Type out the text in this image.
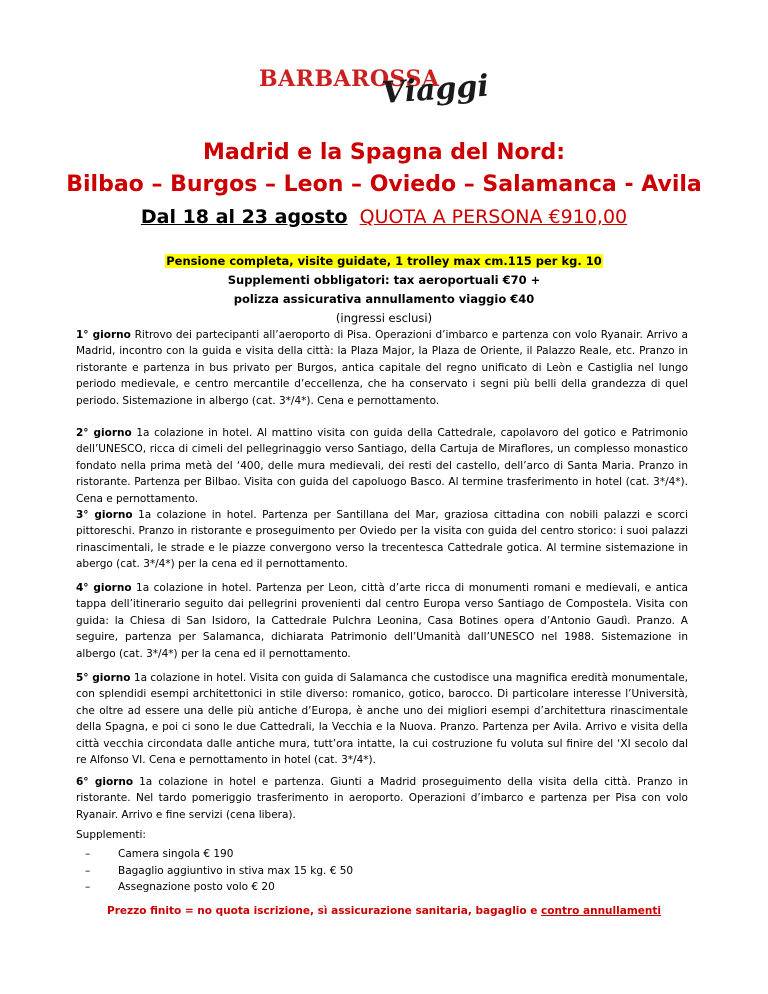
BARBAROSSA
Viaggi
Madrid e la Spagna del Nord:
Bilbao – Burgos – Leon – Oviedo – Salamanca - Avila
Dal 18 al 23 agosto QUOTA A PERSONA €910,00
Pensione completa, visite guidate, 1 trolley max cm.115 per kg. 10
Supplementi obbligatori: tax aeroportuali €70 +
polizza assicurativa annullamento viaggio €40
(ingressi esclusi)
1° giorno Ritrovo dei partecipanti all’aeroporto di Pisa. Operazioni d’imbarco e partenza con volo Ryanair. Arrivo a Madrid, incontro con la guida e visita della città: la Plaza Major, la Plaza de Oriente, il Palazzo Reale, etc. Pranzo in ristorante e partenza in bus privato per Burgos, antica capitale del regno unificato di Leòn e Castiglia nel lungo periodo medievale, e centro mercantile d’eccellenza, che ha conservato i segni più belli della grandezza di quel periodo. Sistemazione in albergo (cat. 3*/4*). Cena e pernottamento.
2° giorno 1a colazione in hotel. Al mattino visita con guida della Cattedrale, capolavoro del gotico e Patrimonio dell’UNESCO, ricca di cimeli del pellegrinaggio verso Santiago, della Cartuja de Miraflores, un complesso monastico fondato nella prima metà del ‘400, delle mura medievali, dei resti del castello, dell’arco di Santa Maria. Pranzo in ristorante. Partenza per Bilbao. Visita con guida del capoluogo Basco. Al termine trasferimento in hotel (cat. 3*/4*). Cena e pernottamento.
3° giorno 1a colazione in hotel. Partenza per Santillana del Mar, graziosa cittadina con nobili palazzi e scorci pittoreschi. Pranzo in ristorante e proseguimento per Oviedo per la visita con guida del centro storico: i suoi palazzi rinascimentali, le strade e le piazze convergono verso la trecentesca Cattedrale gotica. Al termine sistemazione in abergo (cat. 3*/4*) per la cena ed il pernottamento.
4° giorno 1a colazione in hotel. Partenza per Leon, città d’arte ricca di monumenti romani e medievali, e antica tappa dell’itinerario seguito dai pellegrini provenienti dal centro Europa verso Santiago de Compostela. Visita con guida: la Chiesa di San Isidoro, la Cattedrale Pulchra Leonina, Casa Botines opera d’Antonio Gaudì. Pranzo. A seguire, partenza per Salamanca, dichiarata Patrimonio dell’Umanità dall’UNESCO nel 1988. Sistemazione in albergo (cat. 3*/4*) per la cena ed il pernottamento.
5° giorno 1a colazione in hotel. Visita con guida di Salamanca che custodisce una magnifica eredità monumentale, con splendidi esempi architettonici in stile diverso: romanico, gotico, barocco. Di particolare interesse l’Università, che oltre ad essere una delle più antiche d’Europa, è anche uno dei migliori esempi d’architettura rinascimentale della Spagna, e poi ci sono le due Cattedrali, la Vecchia e la Nuova. Pranzo. Partenza per Avila. Arrivo e visita della città vecchia circondata dalle antiche mura, tutt’ora intatte, la cui costruzione fu voluta sul finire del ‘XI secolo dal re Alfonso VI. Cena e pernottamento in hotel (cat. 3*/4*).
6° giorno 1a colazione in hotel e partenza. Giunti a Madrid proseguimento della visita della città. Pranzo in ristorante. Nel tardo pomeriggio trasferimento in aeroporto. Operazioni d’imbarco e partenza per Pisa con volo Ryanair. Arrivo e fine servizi (cena libera).
Supplementi:
– Camera singola € 190
– Bagaglio aggiuntivo in stiva max 15 kg. € 50
– Assegnazione posto volo € 20
Prezzo finito = no quota iscrizione, sì assicurazione sanitaria, bagaglio e contro annullamenti
